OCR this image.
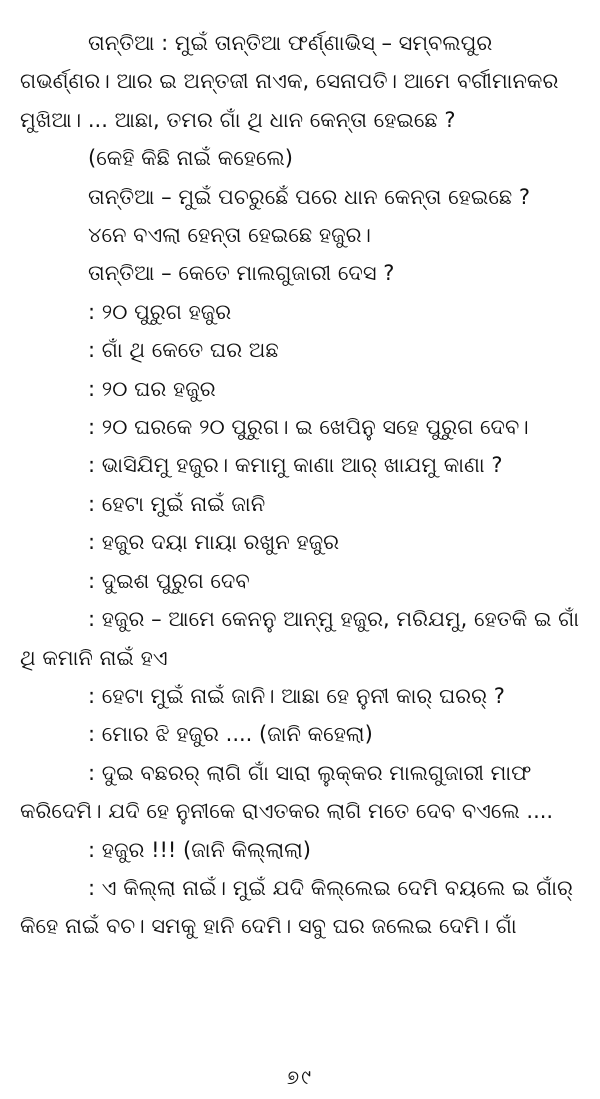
ତାନ୍ତିଆ : ମୁଇଁ ତାନ୍ତିଆ ଫର୍ଣ୍ଣାଭିସ୍ – ସମ୍ବଲପୁର ଗଭର୍ଣ୍ଣର। ଆର ଇ ଅନ୍ତଜୀ ନାଏକ, ସେନାପତି। ଆମେ ବର୍ଗୀମାନକର ମୁଖିଆ। ... ଆଛା, ତମର ଗାଁ ଥି ଧାନ କେନ୍ତା ହେଇଛେ ?

(କେହି କିଛି ନାଇଁ କହେଲେ)

ତାନ୍ତିଆ – ମୁଇଁ ପଚରୁଛେଁ ପରେ ଧାନ କେନ୍ତା ହେଇଛେ ?

୪ନେ ବଏଲା ହେନ୍ତା ହେଇଛେ ହଜୁର।

ତାନ୍ତିଆ – କେତେ ମାଲଗୁଜାରୀ ଦେସ ?

: ୨୦ ପୁରୁଗ ହଜୁର

: ଗାଁ ଥି କେତେ ଘର ଅଛ

: ୨୦ ଘର ହଜୁର

: ୨୦ ଘରକେ ୨୦ ପୁରୁଗ। ଇ ଖେପିନୁ ସହେ ପୁରୁଗ ଦେବ।

: ଭାସିଯିମୁ ହଜୁର। କମାମୁ କାଣା ଆର୍ ଖାଯମୁ କାଣା ?

: ହେଟା ମୁଇଁ ନାଇଁ ଜାନି

: ହଜୁର ଦୟା ମାୟା ରଖୁନ ହଜୁର

: ଦୁଇଶ ପୁରୁଗ ଦେବ

: ହଜୁର – ଆମେ କେନନୁ ଆନ୍‌ମୁ ହଜୁର, ମରିଯମୁ, ହେତକି ଇ ଗାଁ ଥି କମାନି ନାଇଁ ହଏ

: ହେଟା ମୁଇଁ ନାଇଁ ଜାନି। ଆଛା ହେ ନୁନୀ କାର୍ ଘରର୍ ?

: ମୋର ଝି ହଜୁର .... (ଜାନି କହେଲା)

: ଦୁଇ ବଛରର୍ ଲାଗି ଗାଁ ସାରା ଲୁକ୍କର ମାଲଗୁଜାରୀ ମାଫ କରିଦେମି। ଯଦି ହେ ନୁନୀକେ ରାଏତକର ଲାଗି ମତେ ଦେବ ବଏଲେ ....

: ହଜୁର !!! (ଜାନି କିଲ୍ଲାଲା)

: ଏ କିଲ୍ଲା ନାଇଁ। ମୁଇଁ ଯଦି କିଲ୍ଲେଇ ଦେମି ବୟଲେ ଇ ଗାଁର୍ କିହେ ନାଇଁ ବଚ। ସମକୁ ହାନି ଦେମି। ସବୁ ଘର ଜଲେଇ ଦେମି। ଗାଁ

୭୯
